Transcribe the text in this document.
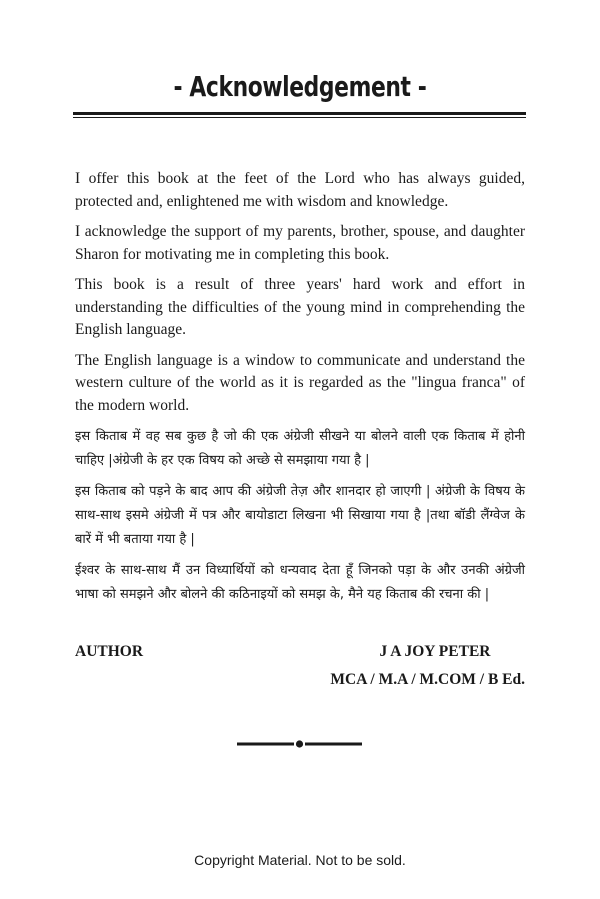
- Acknowledgement -

I offer this book at the feet of the Lord who has always guided, protected and, enlightened me with wisdom and knowledge.

I acknowledge the support of my parents, brother, spouse, and daughter Sharon for motivating me in completing this book.

This book is a result of three years' hard work and effort in understanding the difficulties of the young mind in comprehending the English language.

The English language is a window to communicate and understand the western culture of the world as it is regarded as the "lingua franca" of the modern world.

इस किताब में वह सब कुछ है जो की एक अंग्रेजी सीखने या बोलने वाली एक किताब में होनी चाहिए |अंग्रेजी के हर एक विषय को अच्छे से समझाया गया है |

इस किताब को पड़ने के बाद आप की अंग्रेजी तेज़ और शानदार हो जाएगी | अंग्रेजी के विषय के साथ-साथ इसमे अंग्रेजी में पत्र और बायोडाटा लिखना भी सिखाया गया है |तथा बॉडी लैंग्वेज के बारें में भी बताया गया है |

ईश्वर के साथ-साथ मैं उन विध्यार्थियों को धन्यवाद देता हूँ जिनको पड़ा के और उनकी अंग्रेजी भाषा को समझने और बोलने की कठिनाइयों को समझ के, मैने यह किताब की रचना की |

AUTHOR	J A JOY PETER
MCA / M.A / M.COM / B Ed.
Copyright Material. Not to be sold.
